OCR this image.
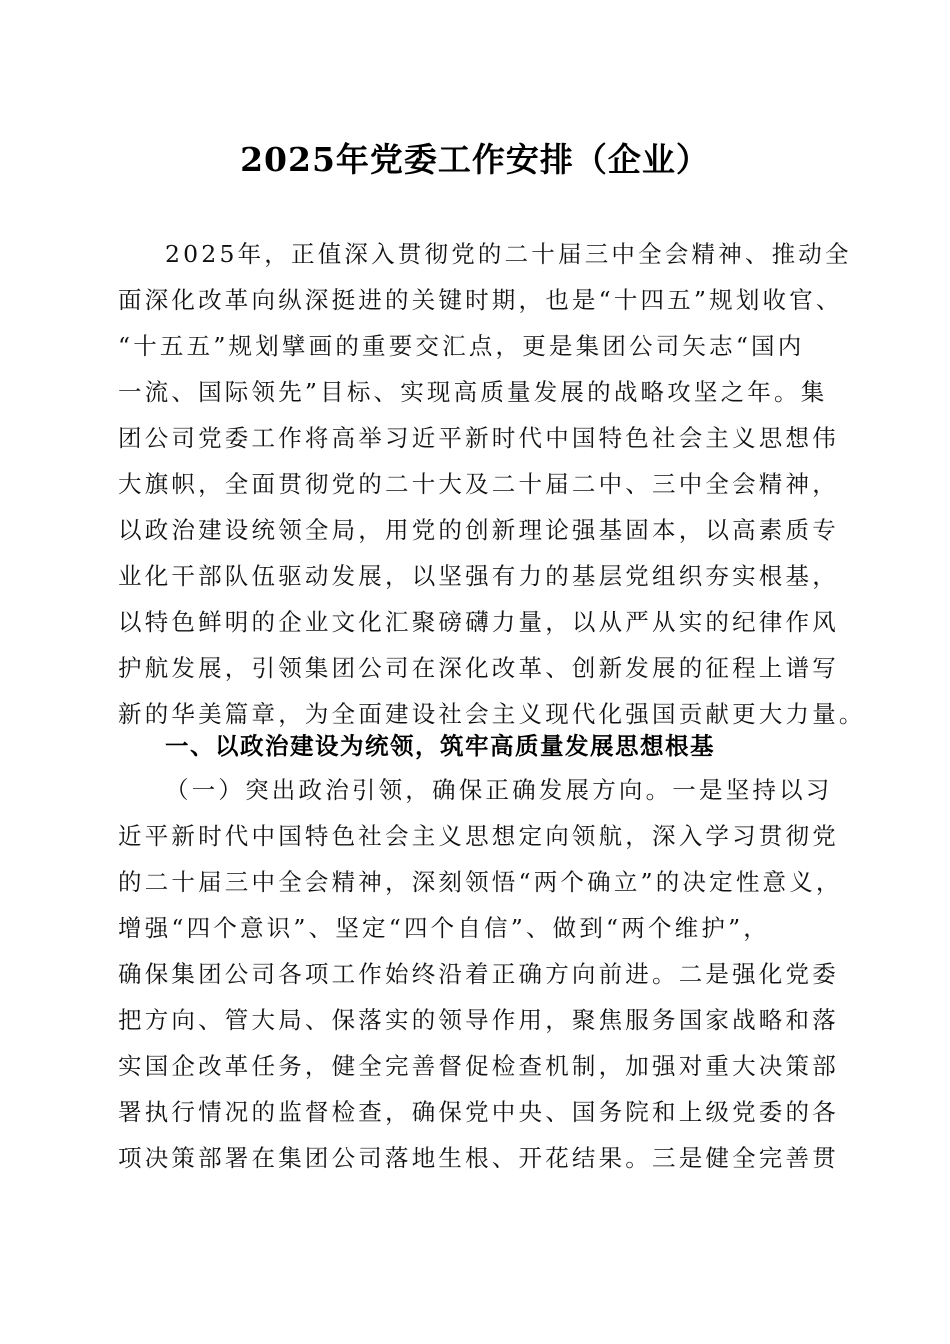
2025年党委工作安排（企业）
2025年，正值深入贯彻党的二十届三中全会精神、推动全
面深化改革向纵深挺进的关键时期，也是“十四五”规划收官、
“十五五”规划擘画的重要交汇点，更是集团公司矢志“国内
一流、国际领先”目标、实现高质量发展的战略攻坚之年。集
团公司党委工作将高举习近平新时代中国特色社会主义思想伟
大旗帜，全面贯彻党的二十大及二十届二中、三中全会精神，
以政治建设统领全局，用党的创新理论强基固本，以高素质专
业化干部队伍驱动发展，以坚强有力的基层党组织夯实根基，
以特色鲜明的企业文化汇聚磅礴力量，以从严从实的纪律作风
护航发展，引领集团公司在深化改革、创新发展的征程上谱写
新的华美篇章，为全面建设社会主义现代化强国贡献更大力量。
一、以政治建设为统领，筑牢高质量发展思想根基
（一）突出政治引领，确保正确发展方向。一是坚持以习
近平新时代中国特色社会主义思想定向领航，深入学习贯彻党
的二十届三中全会精神，深刻领悟“两个确立”的决定性意义，
增强“四个意识”、坚定“四个自信”、做到“两个维护”，
确保集团公司各项工作始终沿着正确方向前进。二是强化党委
把方向、管大局、保落实的领导作用，聚焦服务国家战略和落
实国企改革任务，健全完善督促检查机制，加强对重大决策部
署执行情况的监督检查，确保党中央、国务院和上级党委的各
项决策部署在集团公司落地生根、开花结果。三是健全完善贯
